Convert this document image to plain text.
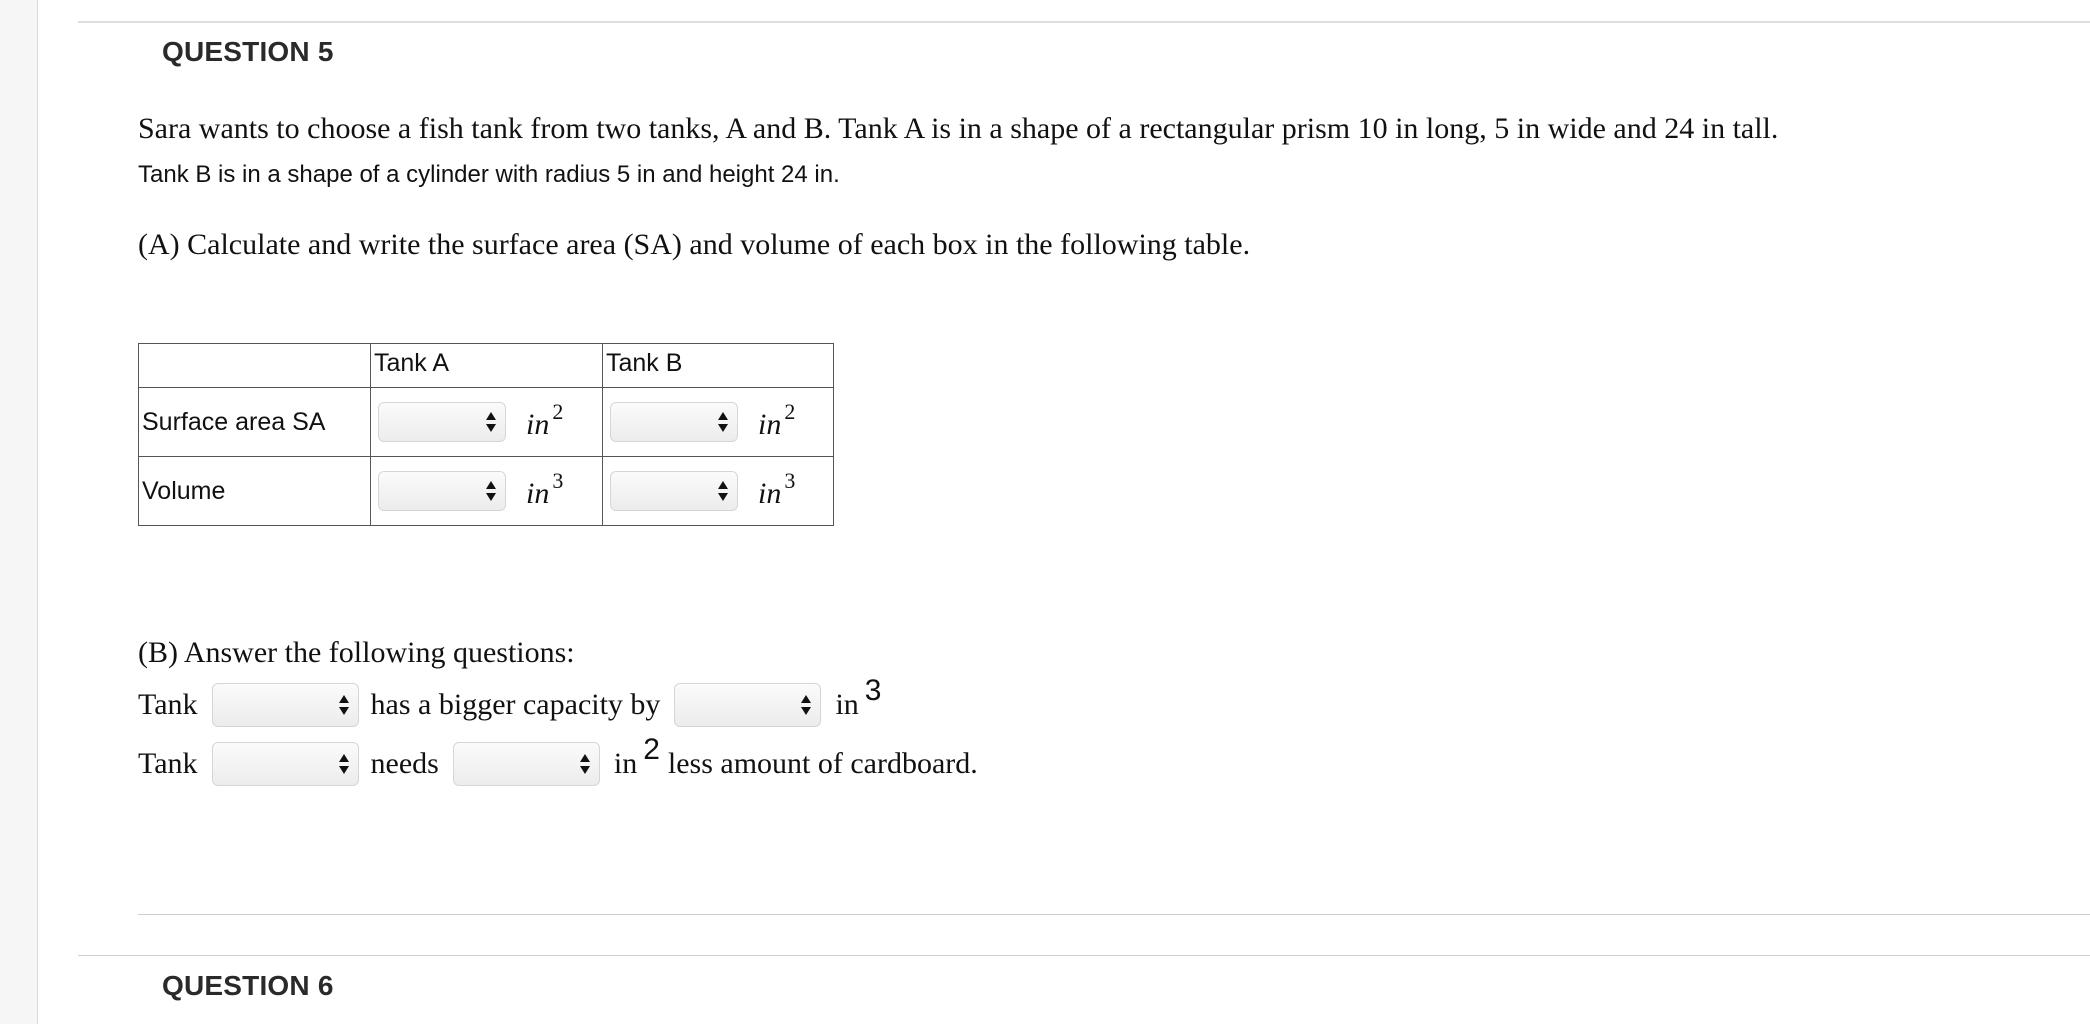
QUESTION 5
Sara wants to choose a fish tank from two tanks, A and B. Tank A is in a shape of a rectangular prism 10 in long, 5 in wide and 24 in tall.
Tank B is in a shape of a cylinder with radius 5 in and height 24 in.
(A) Calculate and write the surface area (SA) and volume of each box in the following table.
	Tank A	Tank B
Surface area SA	in $^2$	in $^2$

Volume	in $^3$	in $^3$
(B) Answer the following questions:
Tank	has a bigger capacity by	in 3
Tank	needs	in 2 less amount of cardboard.
QUESTION 6
